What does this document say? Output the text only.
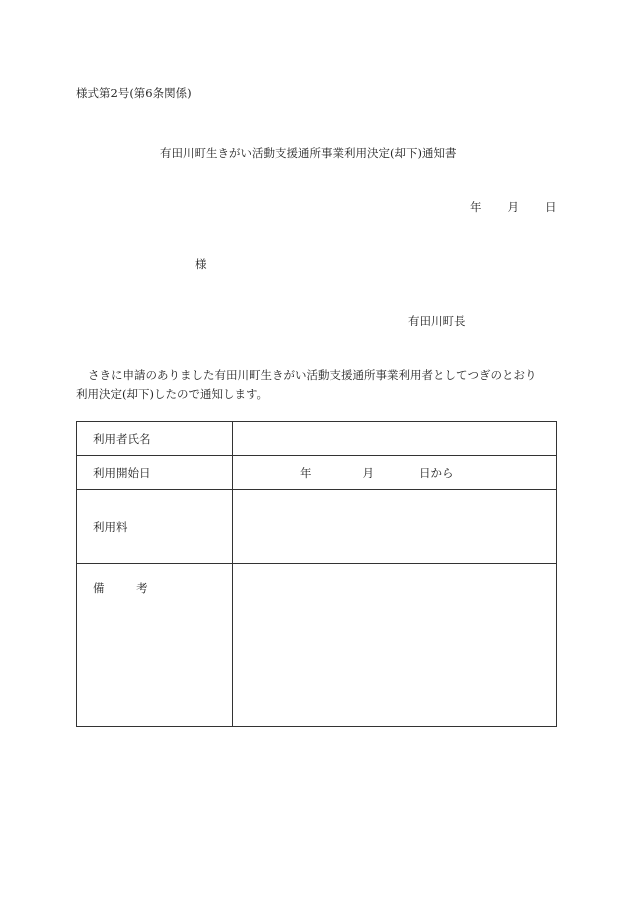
様式第2号(第6条関係)
有田川町生きがい活動支援通所事業利用決定(却下)通知書
年 月 日
様
有田川町長
さきに申請のありました有田川町生きがい活動支援通所事業利用者としてつぎのとおり
利用決定(却下)したので通知します。
利用者氏名	
利用開始日	年 月 日から

利用料	
備 考	
